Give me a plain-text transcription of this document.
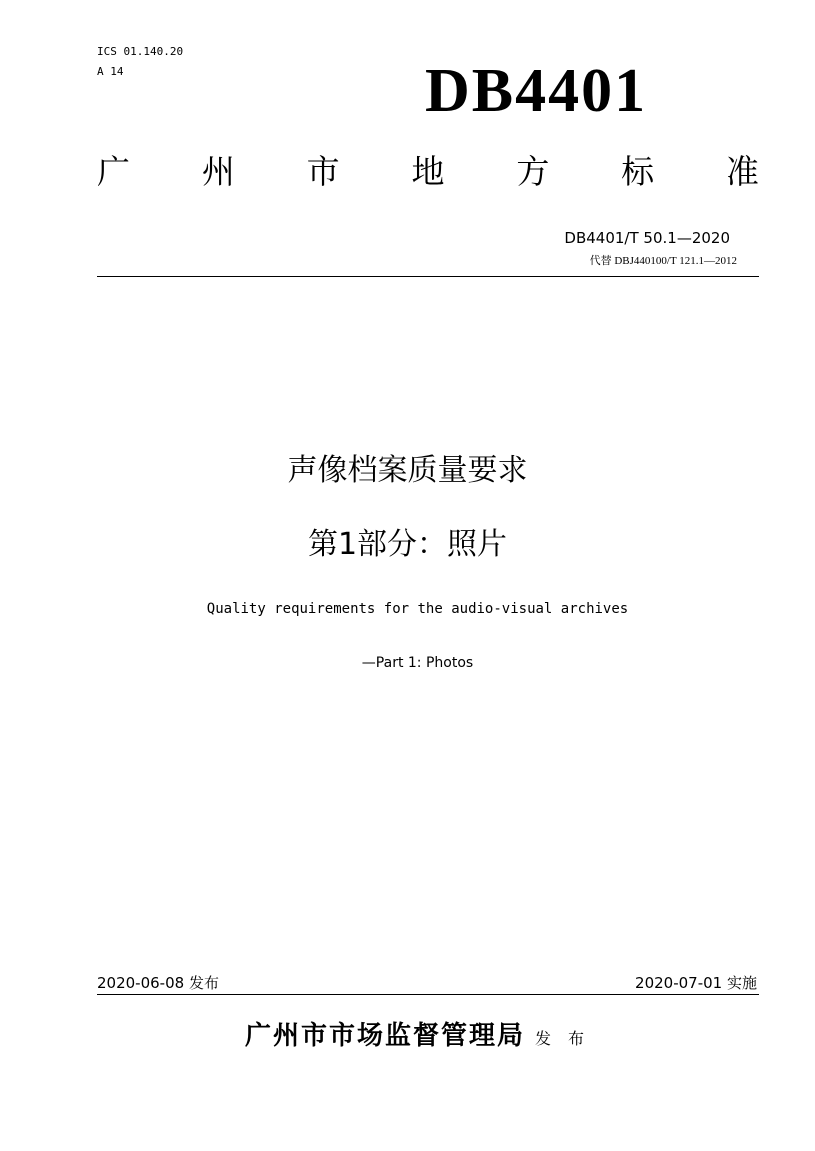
ICS 01.140.20
A 14	DB4401
广 州 市 地 方 标 准
DB4401/T 50.1—2020
代替 DBJ440100/T 121.1—2012
声像档案质量要求
第1部分：照片
Quality requirements for the audio-visual archives
—Part 1: Photos
2020-06-08 发布	2020-07-01 实施
广州市市场监督管理局 发 布
